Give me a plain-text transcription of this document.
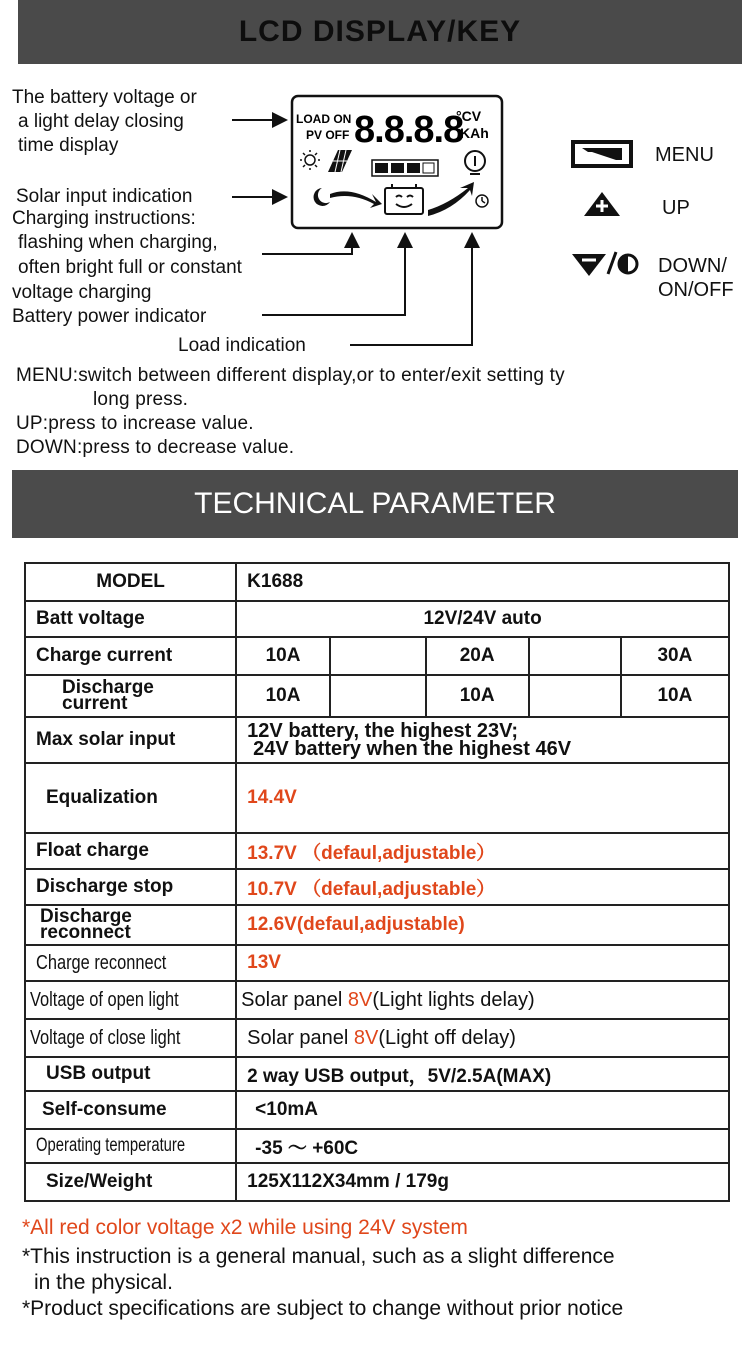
LCD DISPLAY/KEY
The battery voltage or
a light delay closing
time display
Solar input indication
Charging instructions:
flashing when charging,
often bright full or constant
voltage charging
Battery power indicator
Load indication
LOAD ON
PV OFF 8.8.8.8
°CV
KAh
MENU
UP
DOWN/
ON/OFF
MENU:switch between different display,or to enter/exit setting ty
long press.
UP:press to increase value.
DOWN:press to decrease value.
TECHNICAL PARAMETER
MODEL	K1688				
Batt voltage	12V/24V auto				
Charge current	10A		20A		30A

Discharge
current	10A		10A		10A
Max solar input	12V battery, the highest 23V;
24V battery when the highest 46V				

Equalization	14.4V				
Float charge	13.7V （defaul,adjustable）				
Discharge stop	10.7V （defaul,adjustable）				

Discharge
reconnect	12.6V(defaul,adjustable)				
Charge reconnect	13V				
Voltage of open light	Solar panel 8V(Light lights delay)				
Voltage of close light	Solar panel 8V(Light off delay)				
USB output	2 way USB output，5V/2.5A(MAX)				
Self-consume	<10mA				
Operating temperature	-35 ～ +60C				
Size/Weight	125X112X34mm / 179g				
*All red color voltage x2 while using 24V system
*This instruction is a general manual, such as a slight difference
in the physical.
*Product specifications are subject to change without prior notice
